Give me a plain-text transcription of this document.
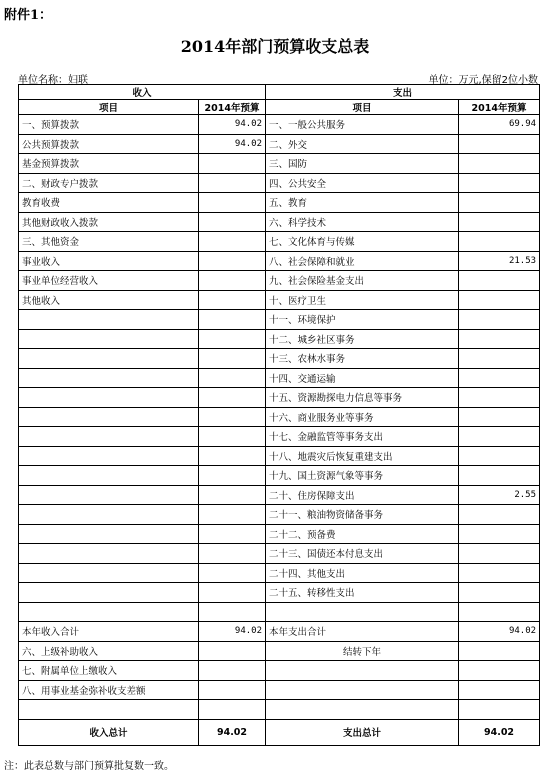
附件1：
2014年部门预算收支总表
单位名称：妇联	单位：万元,保留2位小数
收入		支出	
项目	2014年预算	项目	2014年预算
一、预算拨款	94.02	一、一般公共服务	69.94
公共预算拨款	94.02	二、外交	
基金预算拨款		三、国防	
二、财政专户拨款		四、公共安全	
教育收费		五、教育	
其他财政收入拨款		六、科学技术	
三、其他资金		七、文化体育与传媒	
事业收入		八、社会保障和就业	21.53
事业单位经营收入		九、社会保险基金支出	
其他收入		十、医疗卫生	
		十一、环境保护	
		十二、城乡社区事务	
		十三、农林水事务	
		十四、交通运输	
		十五、资源勘探电力信息等事务	
		十六、商业服务业等事务	
		十七、金融监管等事务支出	
		十八、地震灾后恢复重建支出	
		十九、国土资源气象等事务	
		二十、住房保障支出	2.55
		二十一、粮油物资储备事务	
		二十二、预备费	
		二十三、国债还本付息支出	
		二十四、其他支出	
		二十五、转移性支出	

本年收入合计	94.02	本年支出合计	94.02
六、上级补助收入		结转下年	
七、附属单位上缴收入			
八、用事业基金弥补收支差额			

收入总计	94.02	支出总计	94.02
注：此表总数与部门预算批复数一致。
